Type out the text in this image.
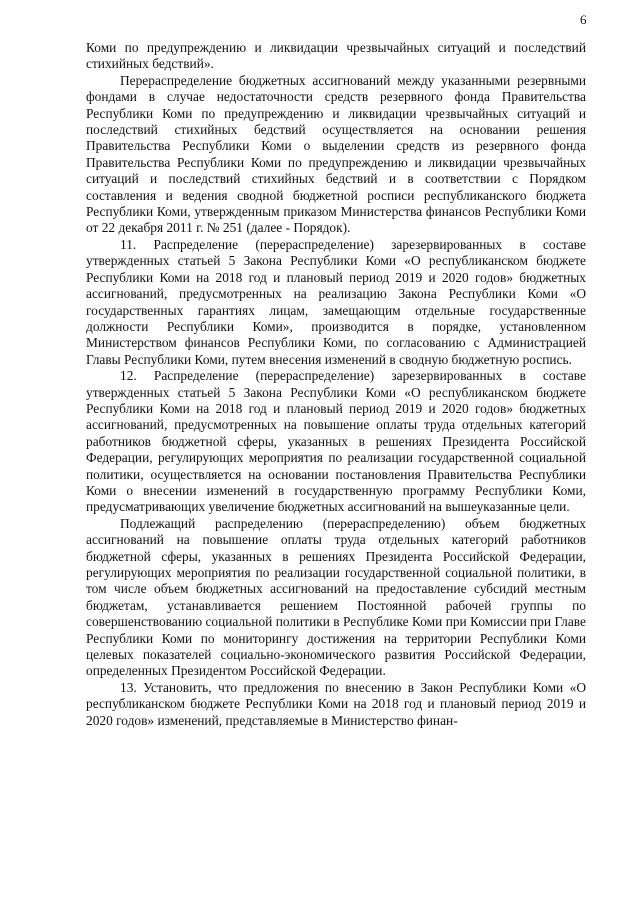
6

Коми по предупреждению и ликвидации чрезвычайных ситуаций и последствий стихийных бедствий».

Перераспределение бюджетных ассигнований между указанными резервными фондами в случае недостаточности средств резервного фонда Правительства Республики Коми по предупреждению и ликвидации чрезвычайных ситуаций и последствий стихийных бедствий осуществляется на основании решения Правительства Республики Коми о выделении средств из резервного фонда Правительства Республики Коми по предупреждению и ликвидации чрезвычайных ситуаций и последствий стихийных бедствий и в соответствии с Порядком составления и ведения сводной бюджетной росписи республиканского бюджета Республики Коми, утвержденным приказом Министерства финансов Республики Коми от 22 декабря 2011 г. № 251 (далее - Порядок).

11. Распределение (перераспределение) зарезервированных в составе утвержденных статьей 5 Закона Республики Коми «О республиканском бюджете Республики Коми на 2018 год и плановый период 2019 и 2020 годов» бюджетных ассигнований, предусмотренных на реализацию Закона Республики Коми «О государственных гарантиях лицам, замещающим отдельные государственные должности Республики Коми», производится в порядке, установленном Министерством финансов Республики Коми, по согласованию с Администрацией Главы Республики Коми, путем внесения изменений в сводную бюджетную роспись.

12. Распределение (перераспределение) зарезервированных в составе утвержденных статьей 5 Закона Республики Коми «О республиканском бюджете Республики Коми на 2018 год и плановый период 2019 и 2020 годов» бюджетных ассигнований, предусмотренных на повышение оплаты труда отдельных категорий работников бюджетной сферы, указанных в решениях Президента Российской Федерации, регулирующих мероприятия по реализации государственной социальной политики, осуществляется на основании постановления Правительства Республики Коми о внесении изменений в государственную программу Республики Коми, предусматривающих увеличение бюджетных ассигнований на вышеуказанные цели.

Подлежащий распределению (перераспределению) объем бюджетных ассигнований на повышение оплаты труда отдельных категорий работников бюджетной сферы, указанных в решениях Президента Российской Федерации, регулирующих мероприятия по реализации государственной социальной политики, в том числе объем бюджетных ассигнований на предоставление субсидий местным бюджетам, устанавливается решением Постоянной рабочей группы по совершенствованию социальной политики в Республике Коми при Комиссии при Главе Республики Коми по мониторингу достижения на территории Республики Коми целевых показателей социально-экономического развития Российской Федерации, определенных Президентом Российской Федерации.

13. Установить, что предложения по внесению в Закон Республики Коми «О республиканском бюджете Республики Коми на 2018 год и плановый период 2019 и 2020 годов» изменений, представляемые в Министерство финан-
